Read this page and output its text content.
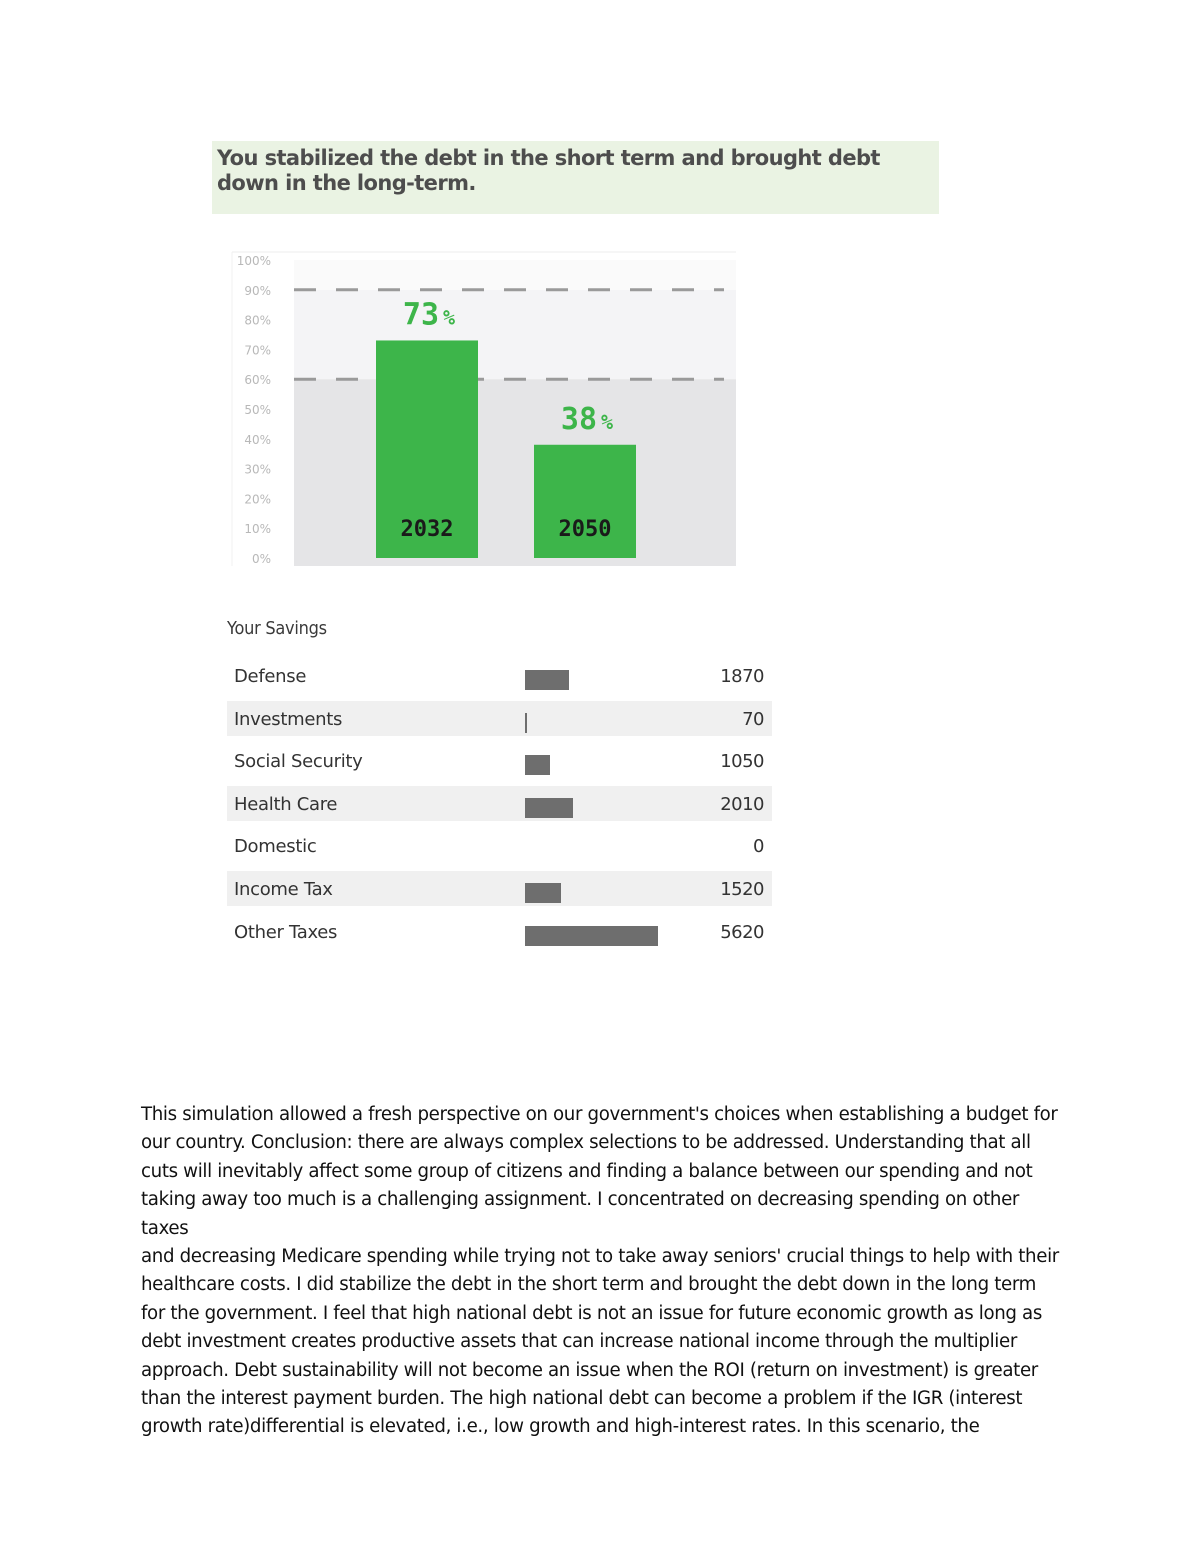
You stabilized the debt in the short term and brought debt down in the long-term.
100%
90%
80%
70%
60%
50%
40%
30%
20%
10%
0%
2032
73 %
2050
38 %
Your Savings
Defense	1870
Investments	70
Social Security	1050
Health Care	2010
Domestic	0
Income Tax	1520
Other Taxes	5620
This simulation allowed a fresh perspective on our government's choices when establishing a budget for
our country. Conclusion: there are always complex selections to be addressed. Understanding that all
cuts will inevitably affect some group of citizens and finding a balance between our spending and not
taking away too much is a challenging assignment. I concentrated on decreasing spending on other taxes
and decreasing Medicare spending while trying not to take away seniors' crucial things to help with their
healthcare costs. I did stabilize the debt in the short term and brought the debt down in the long term
for the government. I feel that high national debt is not an issue for future economic growth as long as
debt investment creates productive assets that can increase national income through the multiplier
approach. Debt sustainability will not become an issue when the ROI (return on investment) is greater
than the interest payment burden. The high national debt can become a problem if the IGR (interest
growth rate)differential is elevated, i.e., low growth and high-interest rates. In this scenario, the
